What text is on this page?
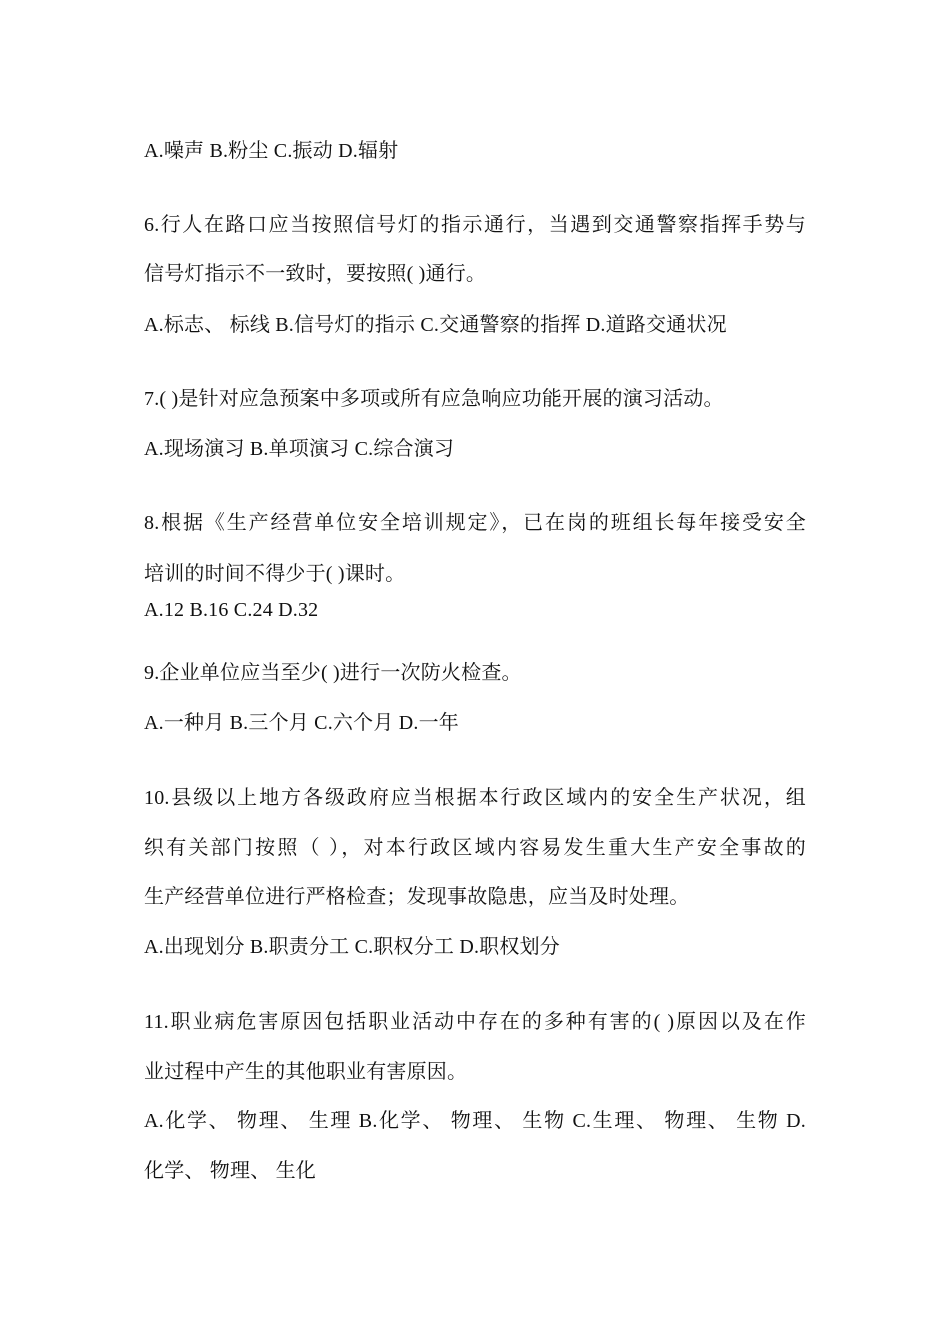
A.噪声 B.粉尘 C.振动 D.辐射
6.行人在路口应当按照信号灯的指示通行，当遇到交通警察指挥手势与
信号灯指示不一致时，要按照( )通行。
A.标志、 标线 B.信号灯的指示 C.交通警察的指挥 D.道路交通状况
7.( )是针对应急预案中多项或所有应急响应功能开展的演习活动。
A.现场演习 B.单项演习 C.综合演习
8.根据《生产经营单位安全培训规定》，已在岗的班组长每年接受安全
培训的时间不得少于( )课时。
A.12 B.16 C.24 D.32
9.企业单位应当至少( )进行一次防火检查。
A.一种月 B.三个月 C.六个月 D.一年
10.县级以上地方各级政府应当根据本行政区域内的安全生产状况，组
织有关部门按照（ ），对本行政区域内容易发生重大生产安全事故的
生产经营单位进行严格检查；发现事故隐患，应当及时处理。
A.出现划分 B.职责分工 C.职权分工 D.职权划分
11.职业病危害原因包括职业活动中存在的多种有害的( )原因以及在作
业过程中产生的其他职业有害原因。
A.化学、 物理、 生理 B.化学、 物理、 生物 C.生理、 物理、 生物 D.
化学、 物理、 生化
